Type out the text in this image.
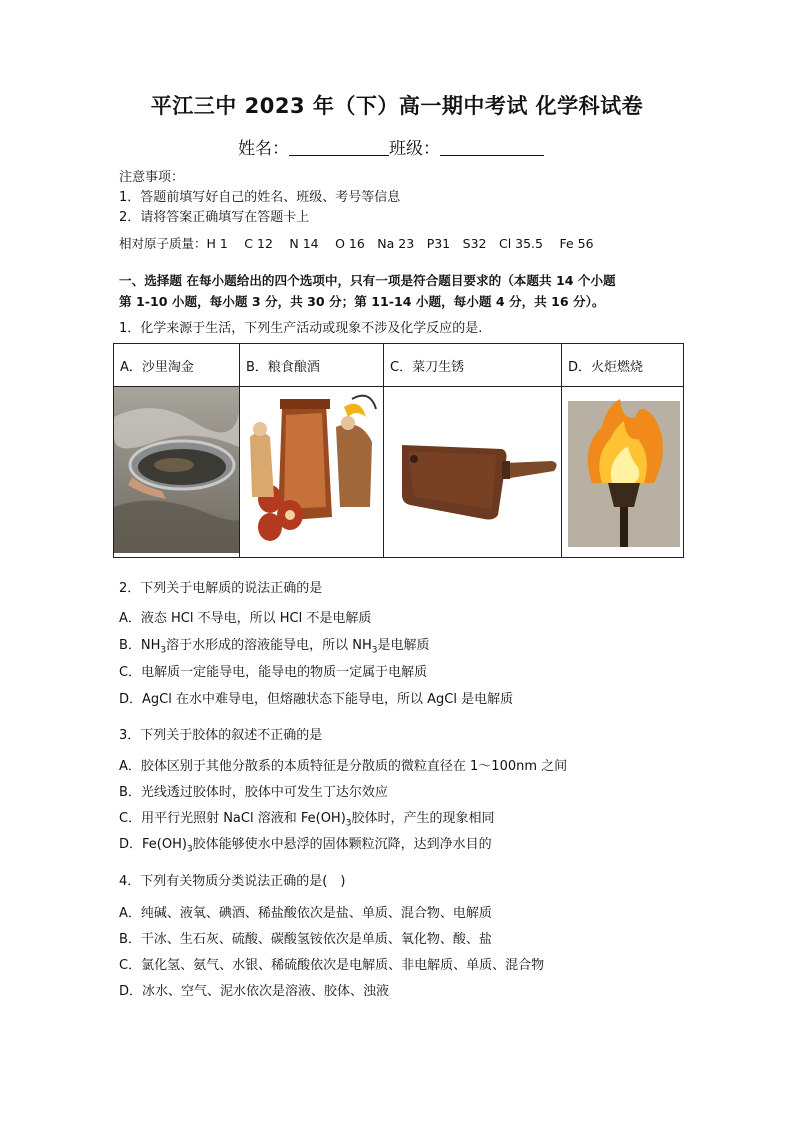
平江三中 2023 年（下）高一期中考试 化学科试卷
姓名：	班级：
注意事项：
1．答题前填写好自己的姓名、班级、考号等信息
2．请将答案正确填写在答题卡上
相对原子质量：H 1　 C 12　 N 14　 O 16　Na 23　P31　S32　Cl 35.5　 Fe 56
一、选择题 在每小题给出的四个选项中，只有一项是符合题目要求的（本题共 14 个小题
第 1-10 小题，每小题 3 分，共 30 分；第 11-14 小题，每小题 4 分，共 16 分）。
1．化学来源于生活，下列生产活动或现象不涉及化学反应的是.
A．沙里淘金	B．粮食酿酒	C．菜刀生锈	D．火炬燃烧

2．下列关于电解质的说法正确的是
A．液态 HCl 不导电，所以 HCl 不是电解质
B．$NH_3$溶于水形成的溶液能导电，所以 $NH_3$是电解质
C．电解质一定能导电，能导电的物质一定属于电解质
D．AgCl 在水中难导电，但熔融状态下能导电，所以 AgCl 是电解质
3．下列关于胶体的叙述不正确的是
A．胶体区别于其他分散系的本质特征是分散质的微粒直径在 1～100nm 之间
B．光线透过胶体时，胶体中可发生丁达尔效应
C．用平行光照射 NaCl 溶液和 $Fe(OH)_3$胶体时，产生的现象相同
D．$Fe(OH)_3$胶体能够使水中悬浮的固体颗粒沉降，达到净水目的
4．下列有关物质分类说法正确的是(　)
A．纯碱、液氧、碘酒、稀盐酸依次是盐、单质、混合物、电解质
B．干冰、生石灰、硫酸、碳酸氢铵依次是单质、氧化物、酸、盐
C．氯化氢、氨气、水银、稀硫酸依次是电解质、非电解质、单质、混合物
D．冰水、空气、泥水依次是溶液、胶体、浊液
